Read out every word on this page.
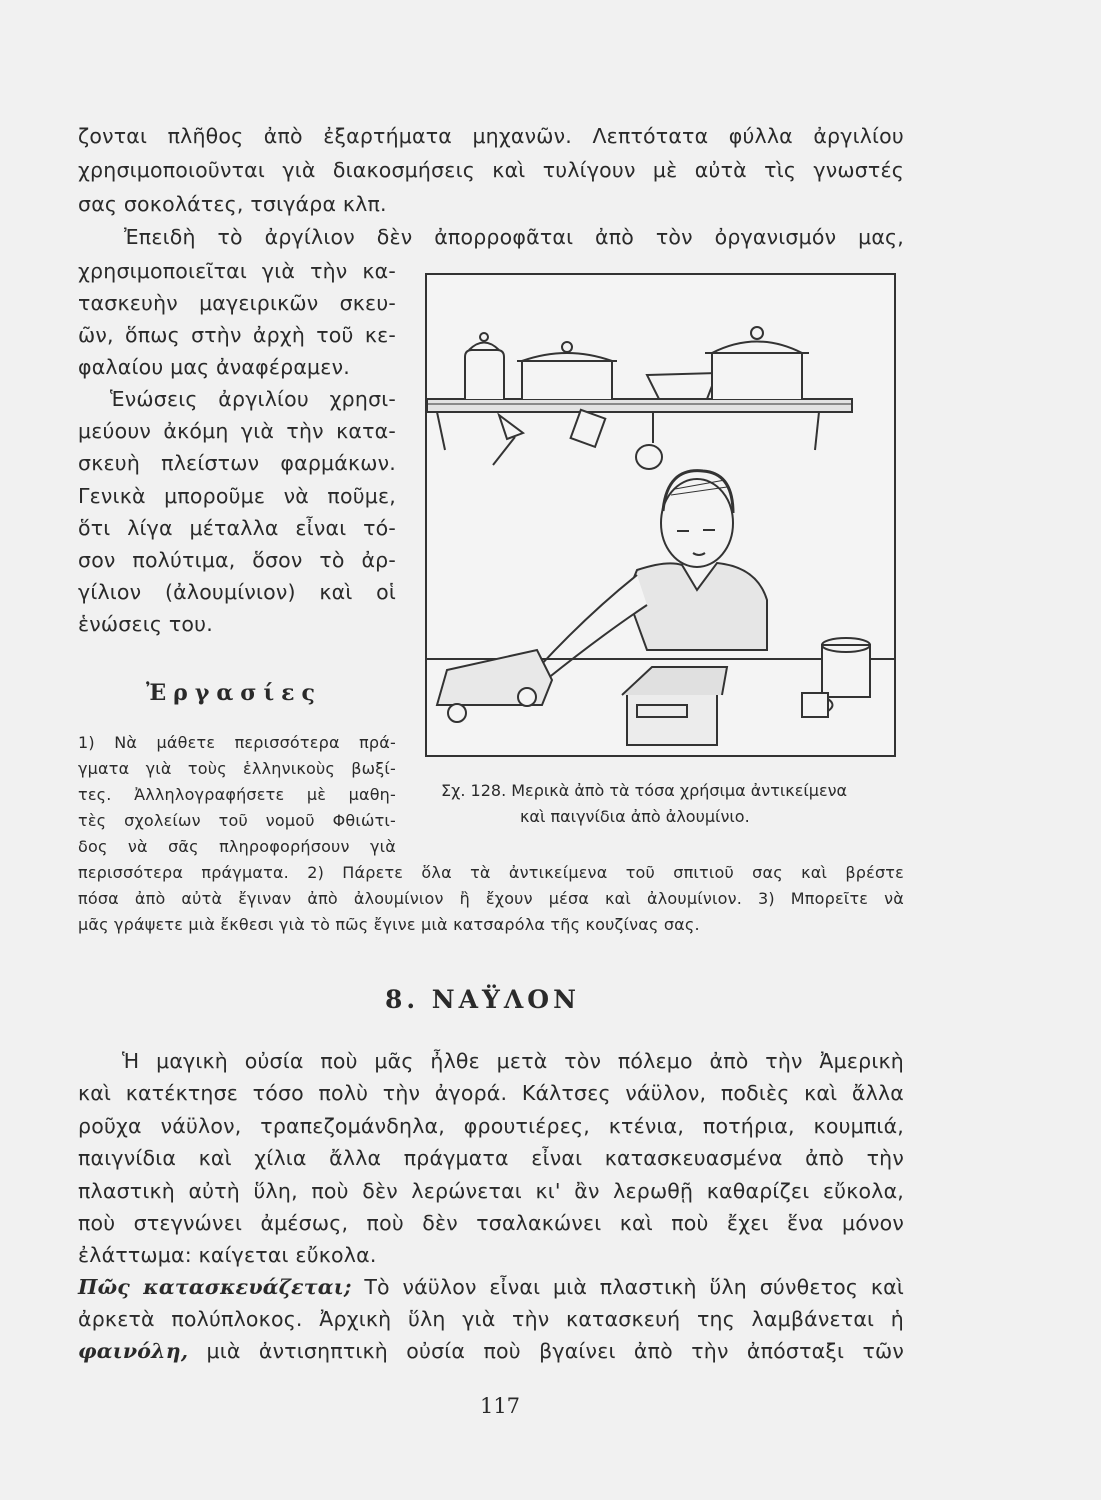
ζονται πλῆθος ἀπὸ ἐξαρτήματα μηχανῶν. Λεπτότατα φύλλα ἀργιλίου
χρησιμοποιοῦνται γιὰ διακοσμήσεις καὶ τυλίγουν μὲ αὐτὰ τὶς γνωστές
σας σοκολάτες, τσιγάρα κλπ.
Ἐπειδὴ τὸ ἀργίλιον δὲν ἀπορροφᾶται ἀπὸ τὸν ὀργανισμόν μας,
χρησιμοποιεῖται γιὰ τὴν κα-
τασκευὴν μαγειρικῶν σκευ-
ῶν, ὅπως στὴν ἀρχὴ τοῦ κε-
φαλαίου μας ἀναφέραμεν.
Ἑνώσεις ἀργιλίου χρησι-
μεύουν ἀκόμη γιὰ τὴν κατα-
σκευὴ πλείστων φαρμάκων.
Γενικὰ μποροῦμε νὰ ποῦμε,
ὅτι λίγα μέταλλα εἶναι τό-
σον πολύτιμα, ὅσον τὸ ἀρ-
γίλιον (ἀλουμίνιον) καὶ οἱ
ἑνώσεις του.
Ἐργασίες
1) Νὰ μάθετε περισσότερα πρά-
γματα γιὰ τοὺς ἑλληνικοὺς βωξί-
τες. Ἀλληλογραφήσετε μὲ μαθη-
τὲς σχολείων τοῦ νομοῦ Φθιώτι-
δος νὰ σᾶς πληροφορήσουν γιὰ
περισσότερα πράγματα. 2) Πάρετε ὅλα τὰ ἀντικείμενα τοῦ σπιτιοῦ σας καὶ βρέστε
πόσα ἀπὸ αὐτὰ ἔγιναν ἀπὸ ἀλουμίνιον ἢ ἔχουν μέσα καὶ ἀλουμίνιον. 3) Μπορεῖτε νὰ
μᾶς γράψετε μιὰ ἔκθεσι γιὰ τὸ πῶς ἔγινε μιὰ κατσαρόλα τῆς κουζίνας σας.
Σχ. 128. Μερικὰ ἀπὸ τὰ τόσα χρήσιμα ἀντικείμενα
καὶ παιγνίδια ἀπὸ ἀλουμίνιο.
8. ΝΑΫΛΟΝ
Ἡ μαγικὴ οὐσία ποὺ μᾶς ἦλθε μετὰ τὸν πόλεμο ἀπὸ τὴν Ἀμερικὴ
καὶ κατέκτησε τόσο πολὺ τὴν ἀγορά. Κάλτσες νάϋλον, ποδιὲς καὶ ἄλλα
ροῦχα νάϋλον, τραπεζομάνδηλα, φρουτιέρες, κτένια, ποτήρια, κουμπιά,
παιγνίδια καὶ χίλια ἄλλα πράγματα εἶναι κατασκευασμένα ἀπὸ τὴν
πλαστικὴ αὐτὴ ὕλη, ποὺ δὲν λερώνεται κι' ἂν λερωθῇ καθαρίζει εὔκολα,
ποὺ στεγνώνει ἀμέσως, ποὺ δὲν τσαλακώνει καὶ ποὺ ἔχει ἕνα μόνον
ἐλάττωμα: καίγεται εὔκολα.
Πῶς κατασκευάζεται; Τὸ νάϋλον εἶναι μιὰ πλαστικὴ ὕλη σύνθετος καὶ
ἀρκετὰ πολύπλοκος. Ἀρχικὴ ὕλη γιὰ τὴν κατασκευή της λαμβάνεται ἡ
φαινόλη, μιὰ ἀντισηπτικὴ οὐσία ποὺ βγαίνει ἀπὸ τὴν ἀπόσταξι τῶν
117
